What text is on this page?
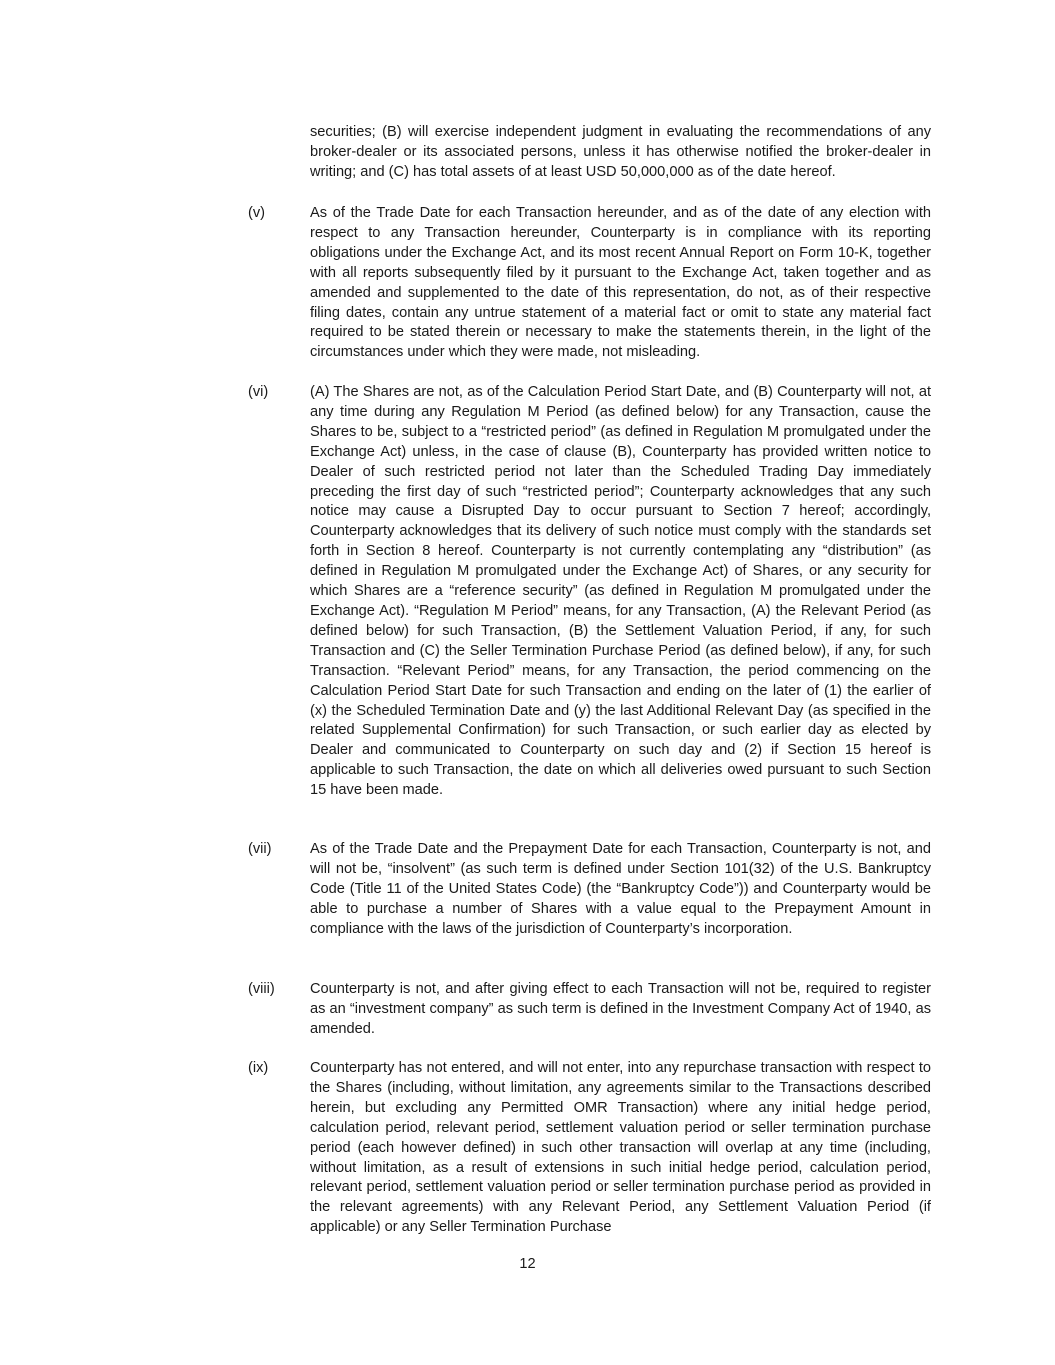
securities; (B) will exercise independent judgment in evaluating the recommendations of any broker-dealer or its associated persons, unless it has otherwise notified the broker-dealer in writing; and (C) has total assets of at least USD 50,000,000 as of the date hereof.
(v)	As of the Trade Date for each Transaction hereunder, and as of the date of any election with respect to any Transaction hereunder, Counterparty is in compliance with its reporting obligations under the Exchange Act, and its most recent Annual Report on Form 10-K, together with all reports subsequently filed by it pursuant to the Exchange Act, taken together and as amended and supplemented to the date of this representation, do not, as of their respective filing dates, contain any untrue statement of a material fact or omit to state any material fact required to be stated therein or necessary to make the statements therein, in the light of the circumstances under which they were made, not misleading.
(vi)	(A) The Shares are not, as of the Calculation Period Start Date, and (B) Counterparty will not, at any time during any Regulation M Period (as defined below) for any Transaction, cause the Shares to be, subject to a “restricted period” (as defined in Regulation M promulgated under the Exchange Act) unless, in the case of clause (B), Counterparty has provided written notice to Dealer of such restricted period not later than the Scheduled Trading Day immediately preceding the first day of such “restricted period”; Counterparty acknowledges that any such notice may cause a Disrupted Day to occur pursuant to Section 7 hereof; accordingly, Counterparty acknowledges that its delivery of such notice must comply with the standards set forth in Section 8 hereof. Counterparty is not currently contemplating any “distribution” (as defined in Regulation M promulgated under the Exchange Act) of Shares, or any security for which Shares are a “reference security” (as defined in Regulation M promulgated under the Exchange Act). “Regulation M Period” means, for any Transaction, (A) the Relevant Period (as defined below) for such Transaction, (B) the Settlement Valuation Period, if any, for such Transaction and (C) the Seller Termination Purchase Period (as defined below), if any, for such Transaction. “Relevant Period” means, for any Transaction, the period commencing on the Calculation Period Start Date for such Transaction and ending on the later of (1) the earlier of (x) the Scheduled Termination Date and (y) the last Additional Relevant Day (as specified in the related Supplemental Confirmation) for such Transaction, or such earlier day as elected by Dealer and communicated to Counterparty on such day and (2) if Section 15 hereof is applicable to such Transaction, the date on which all deliveries owed pursuant to such Section 15 have been made.
(vii)	As of the Trade Date and the Prepayment Date for each Transaction, Counterparty is not, and will not be, “insolvent” (as such term is defined under Section 101(32) of the U.S. Bankruptcy Code (Title 11 of the United States Code) (the “Bankruptcy Code”)) and Counterparty would be able to purchase a number of Shares with a value equal to the Prepayment Amount in compliance with the laws of the jurisdiction of Counterparty’s incorporation.
(viii)	Counterparty is not, and after giving effect to each Transaction will not be, required to register as an “investment company” as such term is defined in the Investment Company Act of 1940, as amended.
(ix)	Counterparty has not entered, and will not enter, into any repurchase transaction with respect to the Shares (including, without limitation, any agreements similar to the Transactions described herein, but excluding any Permitted OMR Transaction) where any initial hedge period, calculation period, relevant period, settlement valuation period or seller termination purchase period (each however defined) in such other transaction will overlap at any time (including, without limitation, as a result of extensions in such initial hedge period, calculation period, relevant period, settlement valuation period or seller termination purchase period as provided in the relevant agreements) with any Relevant Period, any Settlement Valuation Period (if applicable) or any Seller Termination Purchase
12
